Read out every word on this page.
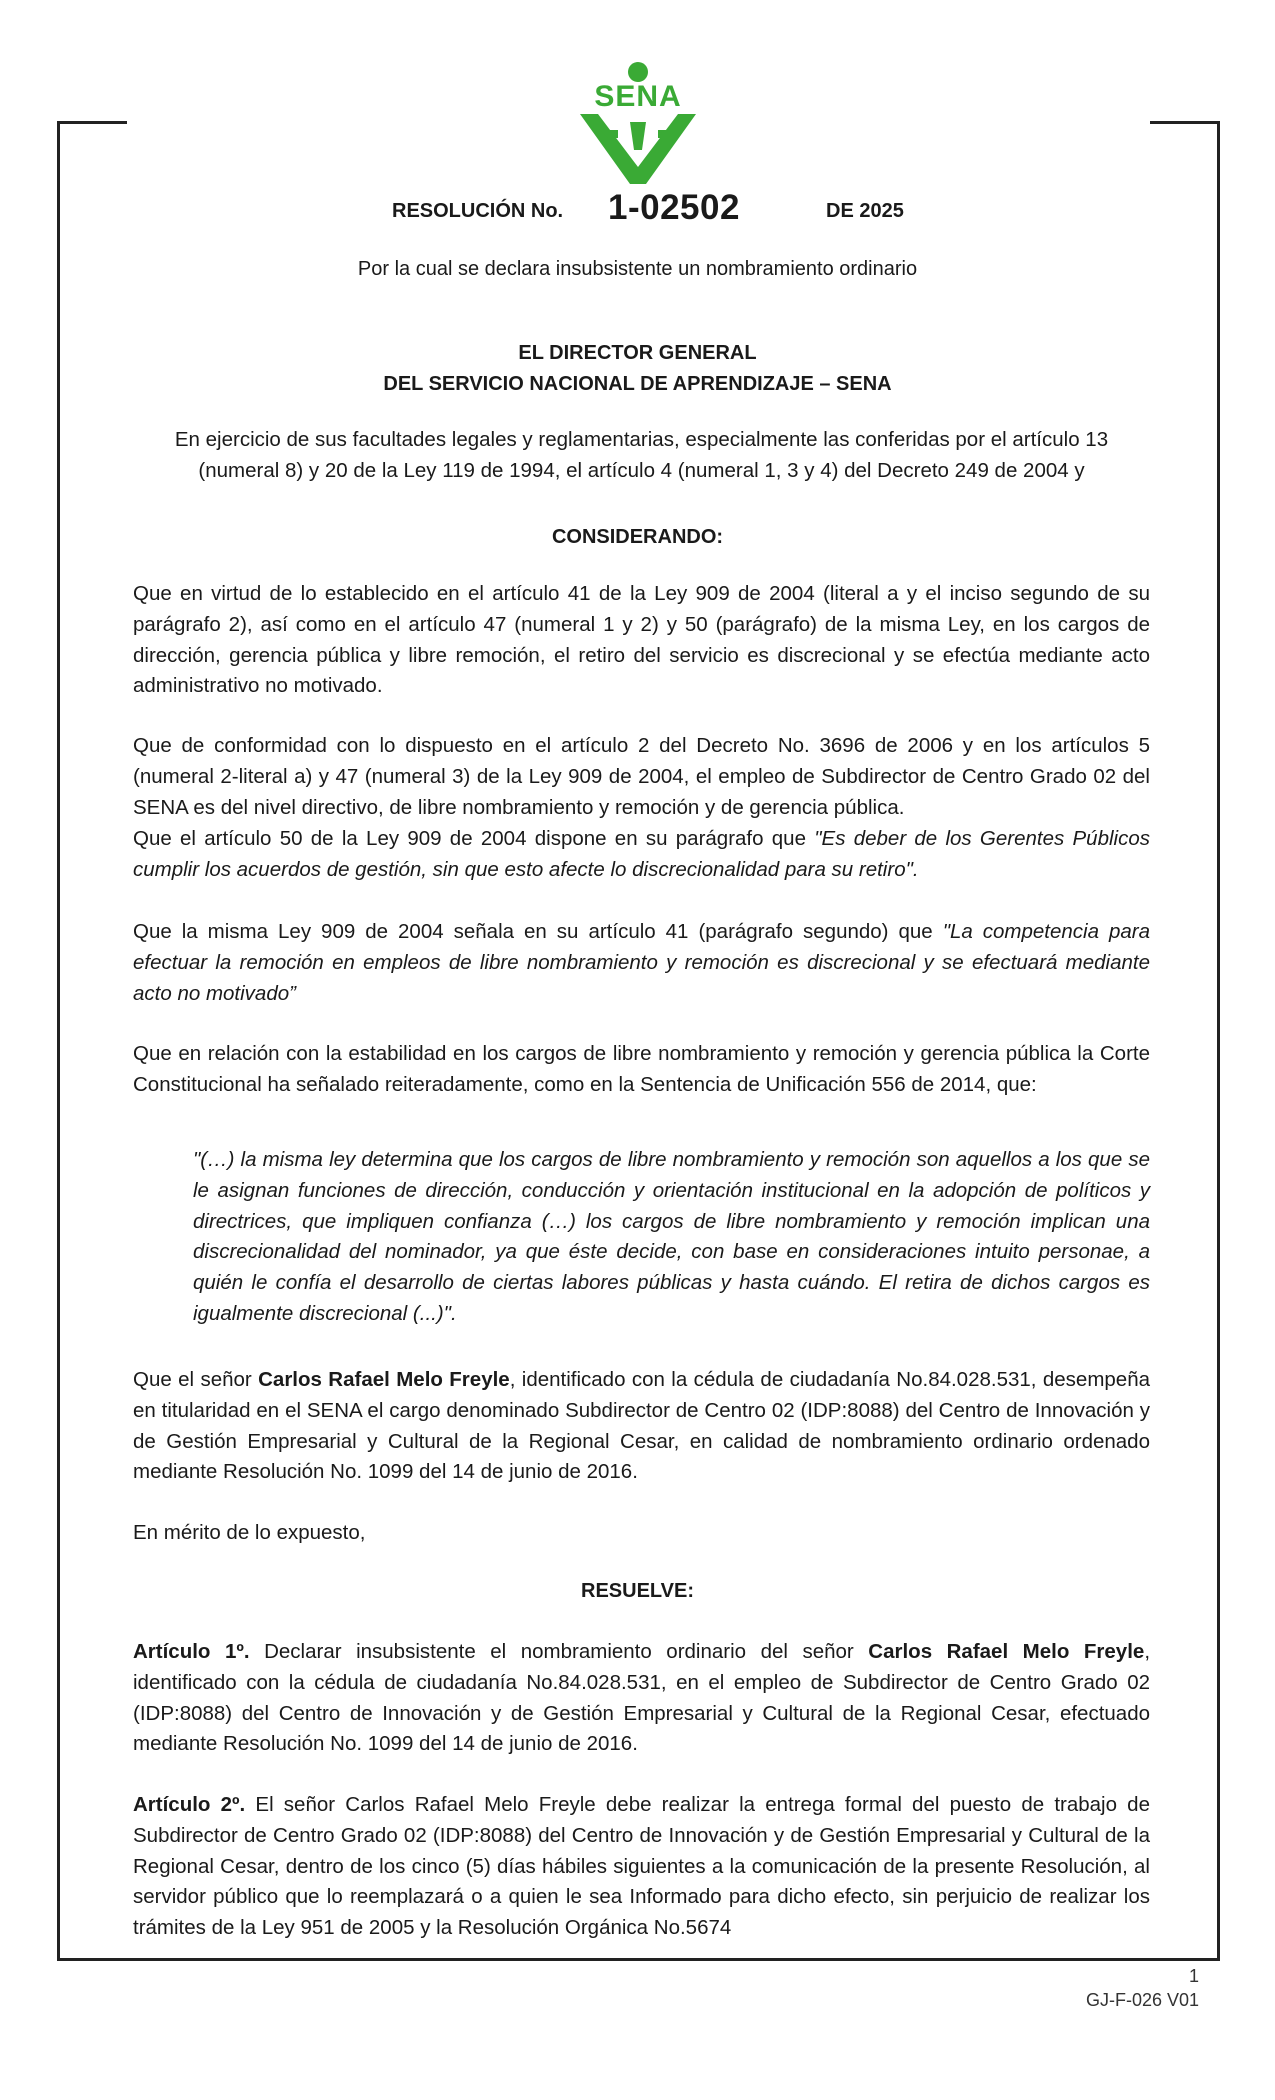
SENA
RESOLUCIÓN No. 1-02502	DE 2025
Por la cual se declara insubsistente un nombramiento ordinario
EL DIRECTOR GENERAL
DEL SERVICIO NACIONAL DE APRENDIZAJE – SENA

En ejercicio de sus facultades legales y reglamentarias, especialmente las conferidas por el artículo 13 (numeral 8) y 20 de la Ley 119 de 1994, el artículo 4 (numeral 1, 3 y 4) del Decreto 249 de 2004 y

CONSIDERANDO:

Que en virtud de lo establecido en el artículo 41 de la Ley 909 de 2004 (literal a y el inciso segundo de su parágrafo 2), así como en el artículo 47 (numeral 1 y 2) y 50 (parágrafo) de la misma Ley, en los cargos de dirección, gerencia pública y libre remoción, el retiro del servicio es discrecional y se efectúa mediante acto administrativo no motivado.

Que de conformidad con lo dispuesto en el artículo 2 del Decreto No. 3696 de 2006 y en los artículos 5 (numeral 2-literal a) y 47 (numeral 3) de la Ley 909 de 2004, el empleo de Subdirector de Centro Grado 02 del SENA es del nivel directivo, de libre nombramiento y remoción y de gerencia pública.

Que el artículo 50 de la Ley 909 de 2004 dispone en su parágrafo que "Es deber de los Gerentes Públicos cumplir los acuerdos de gestión, sin que esto afecte lo discrecionalidad para su retiro".

Que la misma Ley 909 de 2004 señala en su artículo 41 (parágrafo segundo) que "La competencia para efectuar la remoción en empleos de libre nombramiento y remoción es discrecional y se efectuará mediante acto no motivado”

Que en relación con la estabilidad en los cargos de libre nombramiento y remoción y gerencia pública la Corte Constitucional ha señalado reiteradamente, como en la Sentencia de Unificación 556 de 2014, que:

"(…) la misma ley determina que los cargos de libre nombramiento y remoción son aquellos a los que se le asignan funciones de dirección, conducción y orientación institucional en la adopción de políticos y directrices, que impliquen confianza (…) los cargos de libre nombramiento y remoción implican una discrecionalidad del nominador, ya que éste decide, con base en consideraciones intuito personae, a quién le confía el desarrollo de ciertas labores públicas y hasta cuándo. El retira de dichos cargos es igualmente discrecional (...)".

Que el señor Carlos Rafael Melo Freyle, identificado con la cédula de ciudadanía No.84.028.531, desempeña en titularidad en el SENA el cargo denominado Subdirector de Centro 02 (IDP:8088) del Centro de Innovación y de Gestión Empresarial y Cultural de la Regional Cesar, en calidad de nombramiento ordinario ordenado mediante Resolución No. 1099 del 14 de junio de 2016.

En mérito de lo expuesto,

RESUELVE:

Artículo 1º. Declarar insubsistente el nombramiento ordinario del señor Carlos Rafael Melo Freyle, identificado con la cédula de ciudadanía No.84.028.531, en el empleo de Subdirector de Centro Grado 02 (IDP:8088) del Centro de Innovación y de Gestión Empresarial y Cultural de la Regional Cesar, efectuado mediante Resolución No. 1099 del 14 de junio de 2016.

Artículo 2º. El señor Carlos Rafael Melo Freyle debe realizar la entrega formal del puesto de trabajo de Subdirector de Centro Grado 02 (IDP:8088) del Centro de Innovación y de Gestión Empresarial y Cultural de la Regional Cesar, dentro de los cinco (5) días hábiles siguientes a la comunicación de la presente Resolución, al servidor público que lo reemplazará o a quien le sea Informado para dicho efecto, sin perjuicio de realizar los trámites de la Ley 951 de 2005 y la Resolución Orgánica No.5674

1
GJ-F-026 V01
